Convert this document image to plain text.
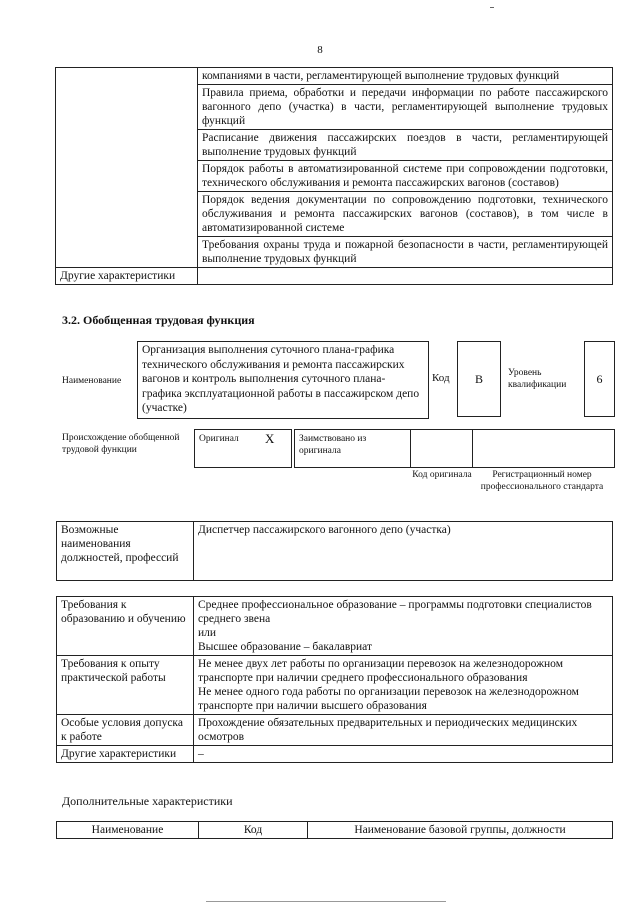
8
	компаниями в части, регламентирующей выполнение трудовых функций
	Правила приема, обработки и передачи информации по работе пассажирского вагонного депо (участка) в части, регламентирующей выполнение трудовых функций
	Расписание движения пассажирских поездов в части, регламентирующей выполнение трудовых функций
	Порядок работы в автоматизированной системе при сопровождении подготовки, технического обслуживания и ремонта пассажирских вагонов (составов)
	Порядок ведения документации по сопровождению подготовки, технического обслуживания и ремонта пассажирских вагонов (составов), в том числе в автоматизированной системе
	Требования охраны труда и пожарной безопасности в части, регламентирующей выполнение трудовых функций
Другие характеристики	
3.2. Обобщенная трудовая функция
Наименование
Организация выполнения суточного плана-графика технического обслуживания и ремонта пассажирских вагонов и контроль выполнения суточного плана-графика эксплуатационной работы в пассажирском депо (участке)
Код	B	Уровень квалификации	6
Происхождение обобщенной трудовой функции
Оригинал X	Заимствовано из оригинала
Код оригинала	Регистрационный номер профессионального стандарта
Возможные наименования должностей, профессий	Диспетчер пассажирского вагонного депо (участка)
Требования к образованию и обучению	Среднее профессиональное образование – программы подготовки специалистов среднего звена
или
Высшее образование – бакалавриат

Требования к опыту практической работы	Не менее двух лет работы по организации перевозок на железнодорожном транспорте при наличии среднего профессионального образования
Не менее одного года работы по организации перевозок на железнодорожном транспорте при наличии высшего образования

Особые условия допуска к работе	Прохождение обязательных предварительных и периодических медицинских осмотров
Другие характеристики	–
Дополнительные характеристики
Наименование	Код	Наименование базовой группы, должности
